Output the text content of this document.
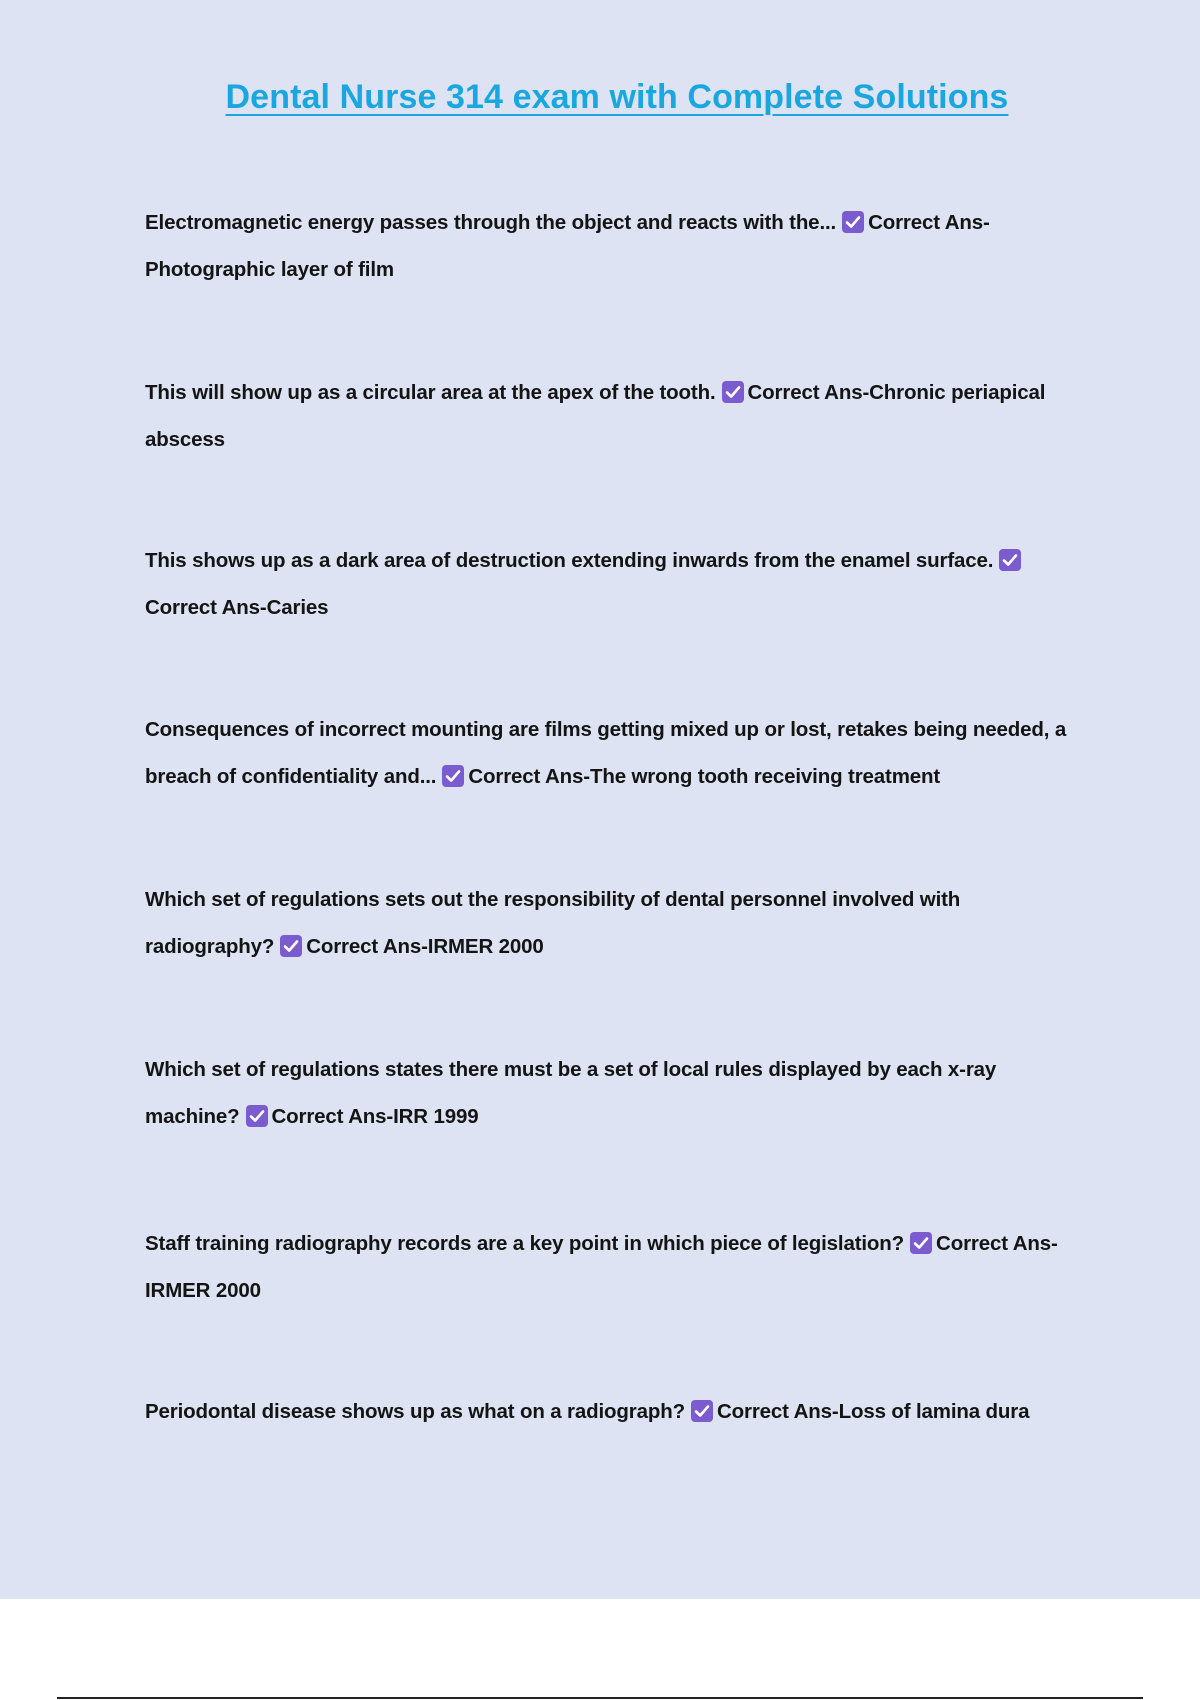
Dental Nurse 314 exam with Complete Solutions
Electromagnetic energy passes through the object and reacts with the... Correct Ans-Photographic layer of film
This will show up as a circular area at the apex of the tooth. Correct Ans-Chronic periapical abscess
This shows up as a dark area of destruction extending inwards from the enamel surface.
Correct Ans-Caries
Consequences of incorrect mounting are films getting mixed up or lost, retakes being needed, a breach of confidentiality and... Correct Ans-The wrong tooth receiving treatment
Which set of regulations sets out the responsibility of dental personnel involved with radiography? Correct Ans-IRMER 2000
Which set of regulations states there must be a set of local rules displayed by each x-ray machine? Correct Ans-IRR 1999
Staff training radiography records are a key point in which piece of legislation? Correct Ans-IRMER 2000
Periodontal disease shows up as what on a radiograph? Correct Ans-Loss of lamina dura
